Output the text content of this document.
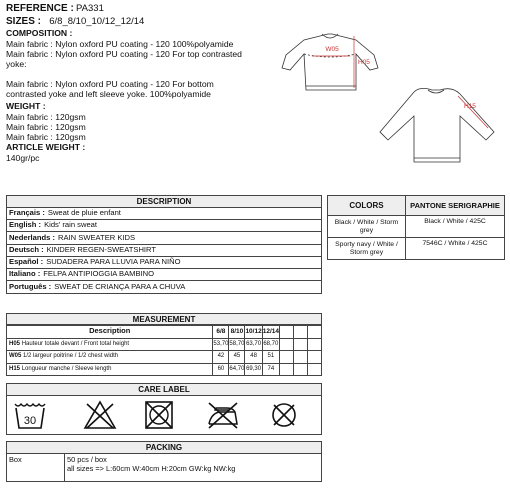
REFERENCE : PA331
SIZES : 6/8_8/10_10/12_12/14
COMPOSITION :
Main fabric : Nylon oxford PU coating - 120 100%polyamide
Main fabric : Nylon oxford PU coating - 120 For top contrasted
yoke:
Main fabric : Nylon oxford PU coating - 120 For bottom
contrasted yoke and left sleeve yoke. 100%polyamide
WEIGHT :
Main fabric : 120gsm
Main fabric : 120gsm
Main fabric : 120gsm
ARTICLE WEIGHT :
140gr/pc
W05
H05
H15
DESCRIPTION
Français : Sweat de pluie enfant
English : Kids' rain sweat
Nederlands : RAIN SWEATER KIDS
Deutsch : KINDER REGEN-SWEATSHIRT
Español : SUDADERA PARA LLUVIA PARA NIÑO
Italiano : FELPA ANTIPIOGGIA BAMBINO
Português : SWEAT DE CRIANÇA PARA A CHUVA
COLORS	PANTONE SERIGRAPHIE
Black / White / Storm grey	Black / White / 425C
Sporty navy / White / Storm grey	7546C / White / 425C
MEASUREMENT
Description	6/8	8/10	10/12	12/14			
H05 Hauteur totale devant / Front total height	53,70	58,70	63,70	68,70			
W05 1/2 largeur poitrine / 1/2 chest width	42	45	48	51			
H15 Longueur manche / Sleeve length	60	64,70	69,30	74			
CARE LABEL
30
PACKING
Box	50 pcs / box
all sizes => L:60cm W:40cm H:20cm GW:kg NW:kg
